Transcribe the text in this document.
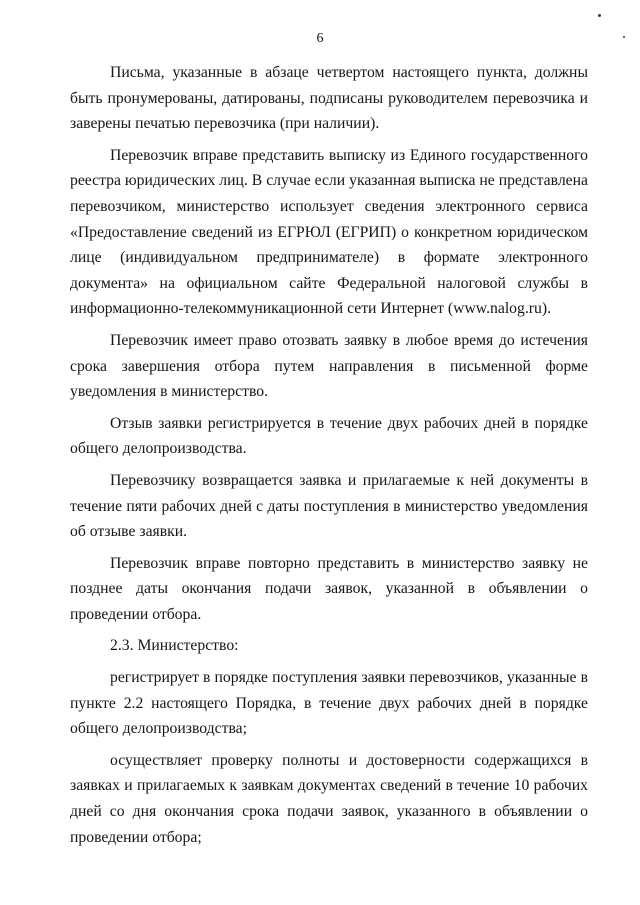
6

Письма, указанные в абзаце четвертом настоящего пункта, должны быть пронумерованы, датированы, подписаны руководителем перевозчика и заверены печатью перевозчика (при наличии).

Перевозчик вправе представить выписку из Единого государственного реестра юридических лиц. В случае если указанная выписка не представлена перевозчиком, министерство использует сведения электронного сервиса «Предоставление сведений из ЕГРЮЛ (ЕГРИП) о конкретном юридическом лице (индивидуальном предпринимателе) в формате электронного документа» на официальном сайте Федеральной налоговой службы в информационно-телекоммуникационной сети Интернет (www.nalog.ru).

Перевозчик имеет право отозвать заявку в любое время до истечения срока завершения отбора путем направления в письменной форме уведомления в министерство.

Отзыв заявки регистрируется в течение двух рабочих дней в порядке общего делопроизводства.

Перевозчику возвращается заявка и прилагаемые к ней документы в течение пяти рабочих дней с даты поступления в министерство уведомления об отзыве заявки.

Перевозчик вправе повторно представить в министерство заявку не позднее даты окончания подачи заявок, указанной в объявлении о проведении отбора.

2.3. Министерство:

регистрирует в порядке поступления заявки перевозчиков, указанные в пункте 2.2 настоящего Порядка, в течение двух рабочих дней в порядке общего делопроизводства;

осуществляет проверку полноты и достоверности содержащихся в заявках и прилагаемых к заявкам документах сведений в течение 10 рабочих дней со дня окончания срока подачи заявок, указанного в объявлении о проведении отбора;
